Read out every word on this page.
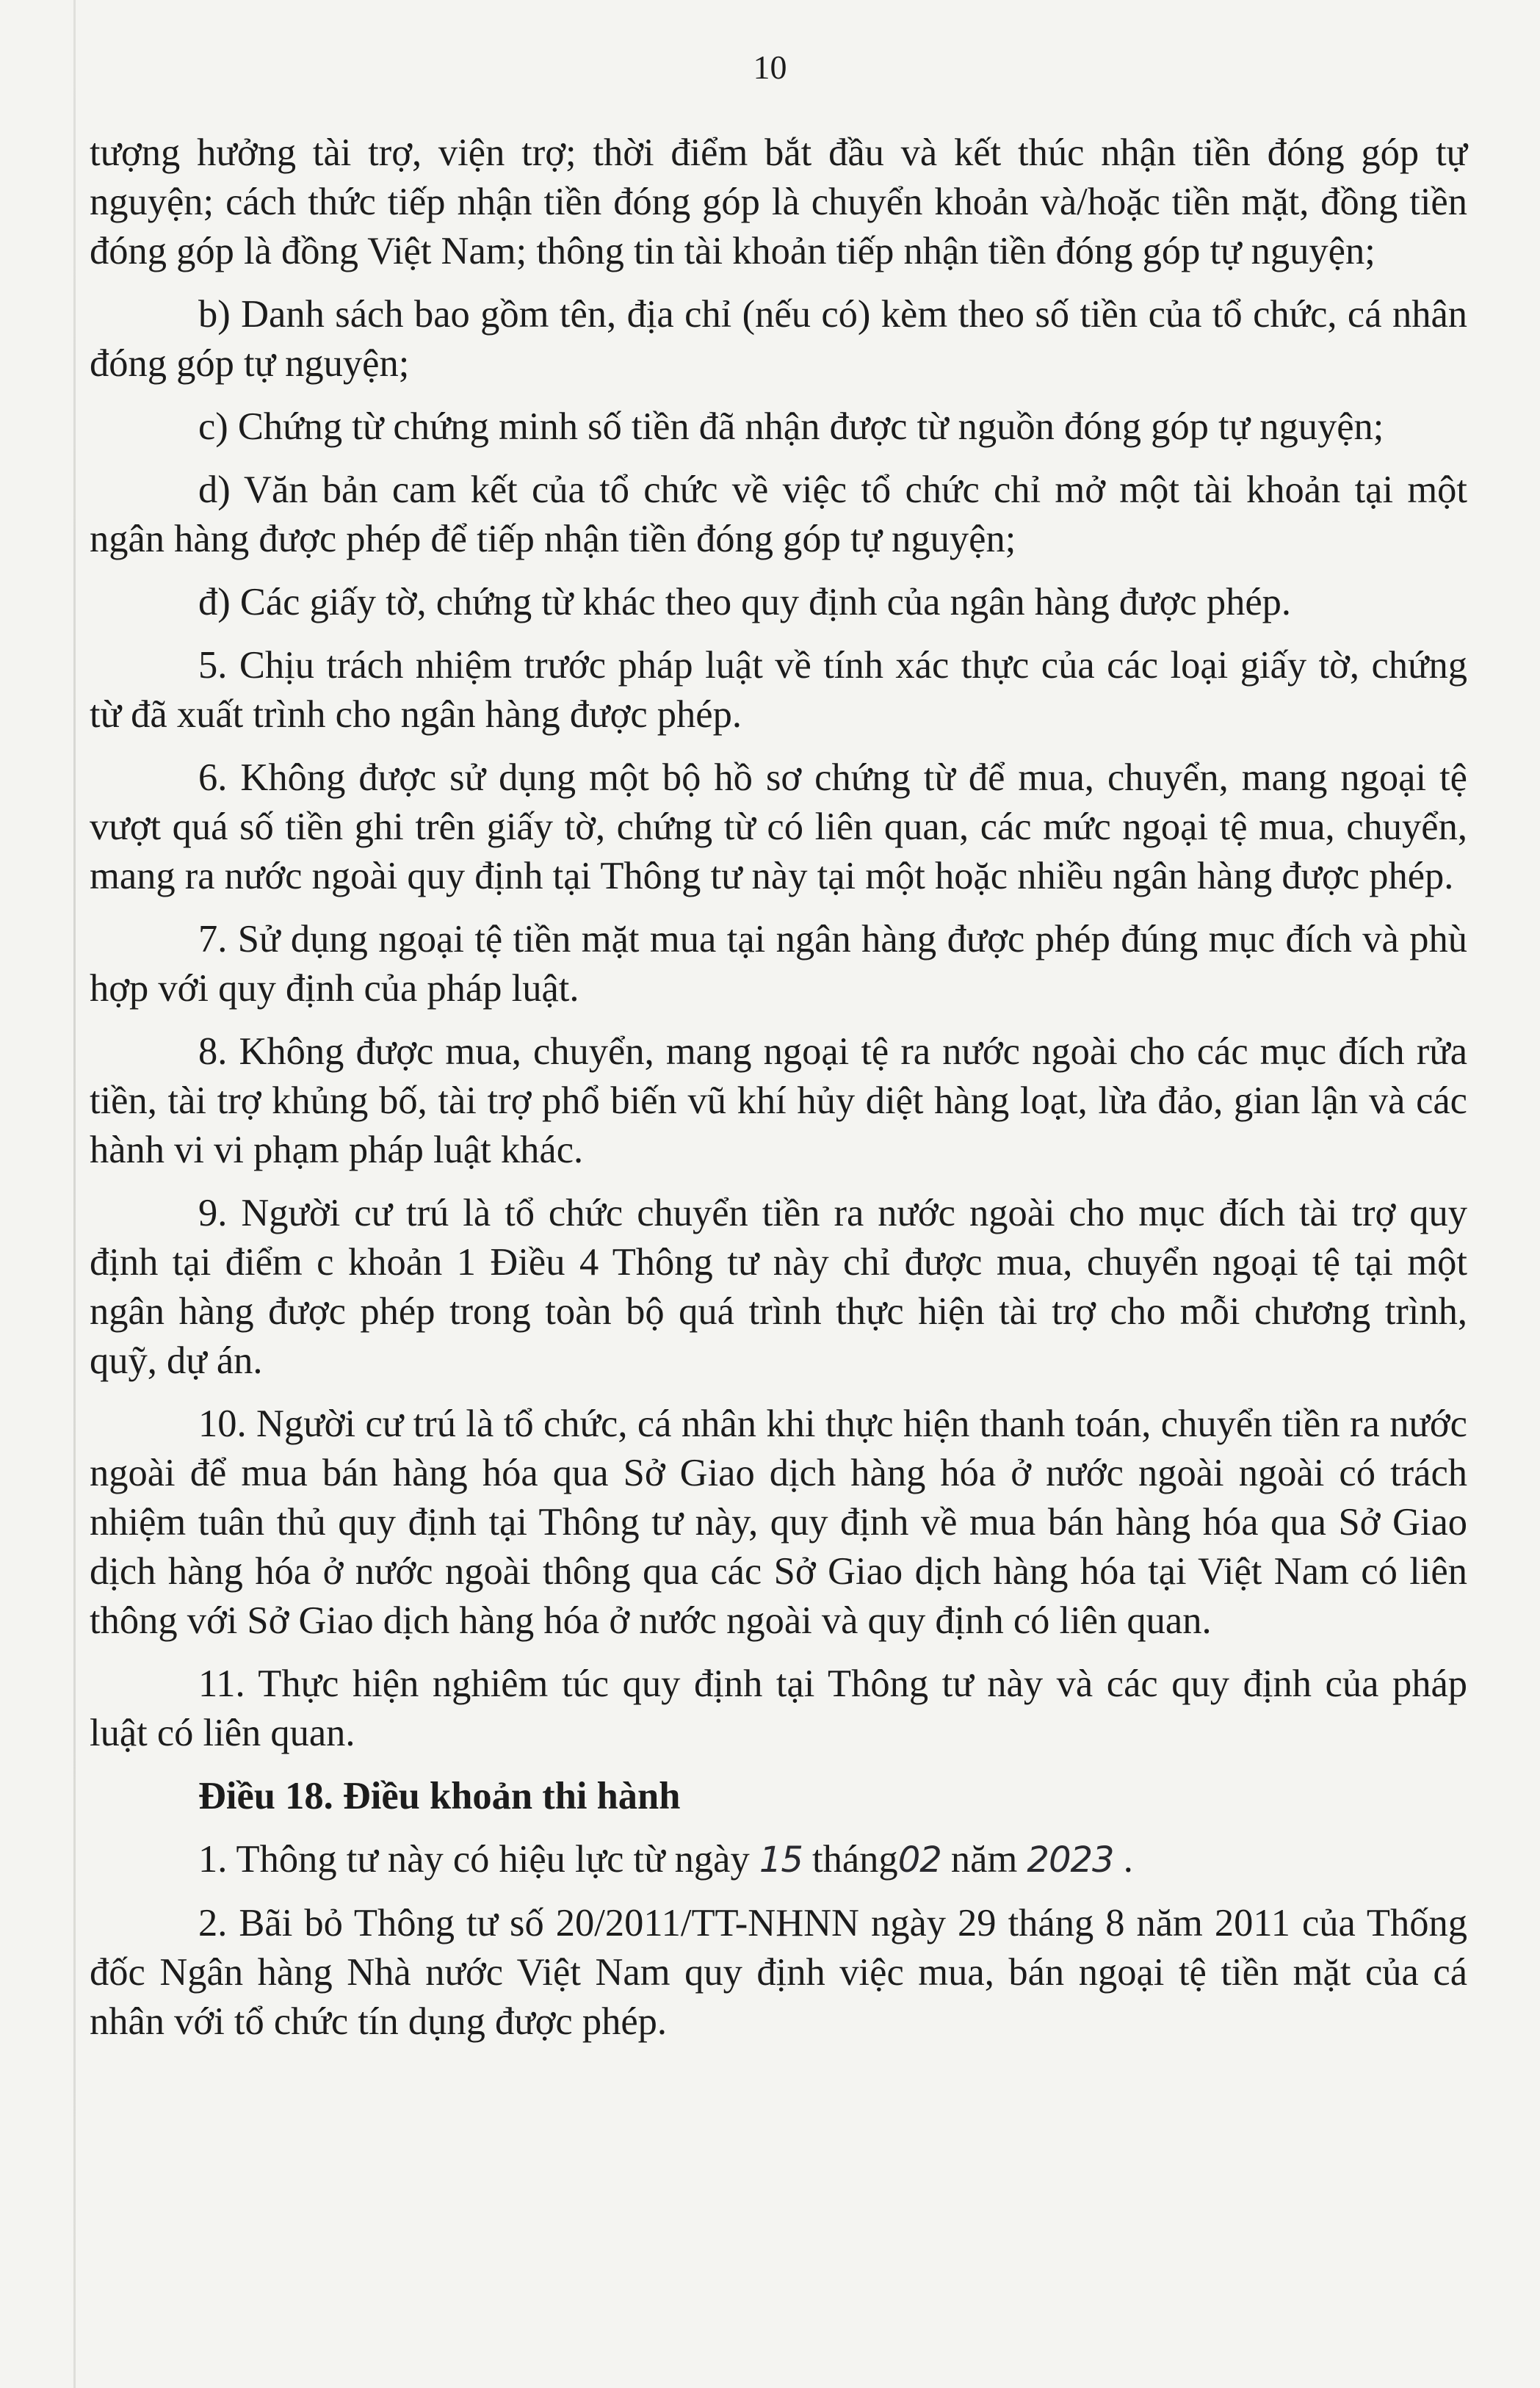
10

tượng hưởng tài trợ, viện trợ; thời điểm bắt đầu và kết thúc nhận tiền đóng góp tự nguyện; cách thức tiếp nhận tiền đóng góp là chuyển khoản và/hoặc tiền mặt, đồng tiền đóng góp là đồng Việt Nam; thông tin tài khoản tiếp nhận tiền đóng góp tự nguyện;

b) Danh sách bao gồm tên, địa chỉ (nếu có) kèm theo số tiền của tổ chức, cá nhân đóng góp tự nguyện;

c) Chứng từ chứng minh số tiền đã nhận được từ nguồn đóng góp tự nguyện;

d) Văn bản cam kết của tổ chức về việc tổ chức chỉ mở một tài khoản tại một ngân hàng được phép để tiếp nhận tiền đóng góp tự nguyện;

đ) Các giấy tờ, chứng từ khác theo quy định của ngân hàng được phép.

5. Chịu trách nhiệm trước pháp luật về tính xác thực của các loại giấy tờ, chứng từ đã xuất trình cho ngân hàng được phép.

6. Không được sử dụng một bộ hồ sơ chứng từ để mua, chuyển, mang ngoại tệ vượt quá số tiền ghi trên giấy tờ, chứng từ có liên quan, các mức ngoại tệ mua, chuyển, mang ra nước ngoài quy định tại Thông tư này tại một hoặc nhiều ngân hàng được phép.

7. Sử dụng ngoại tệ tiền mặt mua tại ngân hàng được phép đúng mục đích và phù hợp với quy định của pháp luật.

8. Không được mua, chuyển, mang ngoại tệ ra nước ngoài cho các mục đích rửa tiền, tài trợ khủng bố, tài trợ phổ biến vũ khí hủy diệt hàng loạt, lừa đảo, gian lận và các hành vi vi phạm pháp luật khác.

9. Người cư trú là tổ chức chuyển tiền ra nước ngoài cho mục đích tài trợ quy định tại điểm c khoản 1 Điều 4 Thông tư này chỉ được mua, chuyển ngoại tệ tại một ngân hàng được phép trong toàn bộ quá trình thực hiện tài trợ cho mỗi chương trình, quỹ, dự án.

10. Người cư trú là tổ chức, cá nhân khi thực hiện thanh toán, chuyển tiền ra nước ngoài để mua bán hàng hóa qua Sở Giao dịch hàng hóa ở nước ngoài ngoài có trách nhiệm tuân thủ quy định tại Thông tư này, quy định về mua bán hàng hóa qua Sở Giao dịch hàng hóa ở nước ngoài thông qua các Sở Giao dịch hàng hóa tại Việt Nam có liên thông với Sở Giao dịch hàng hóa ở nước ngoài và quy định có liên quan.

11. Thực hiện nghiêm túc quy định tại Thông tư này và các quy định của pháp luật có liên quan.

Điều 18. Điều khoản thi hành

1. Thông tư này có hiệu lực từ ngày 15 tháng02 năm 2023 .

2. Bãi bỏ Thông tư số 20/2011/TT-NHNN ngày 29 tháng 8 năm 2011 của Thống đốc Ngân hàng Nhà nước Việt Nam quy định việc mua, bán ngoại tệ tiền mặt của cá nhân với tổ chức tín dụng được phép.
